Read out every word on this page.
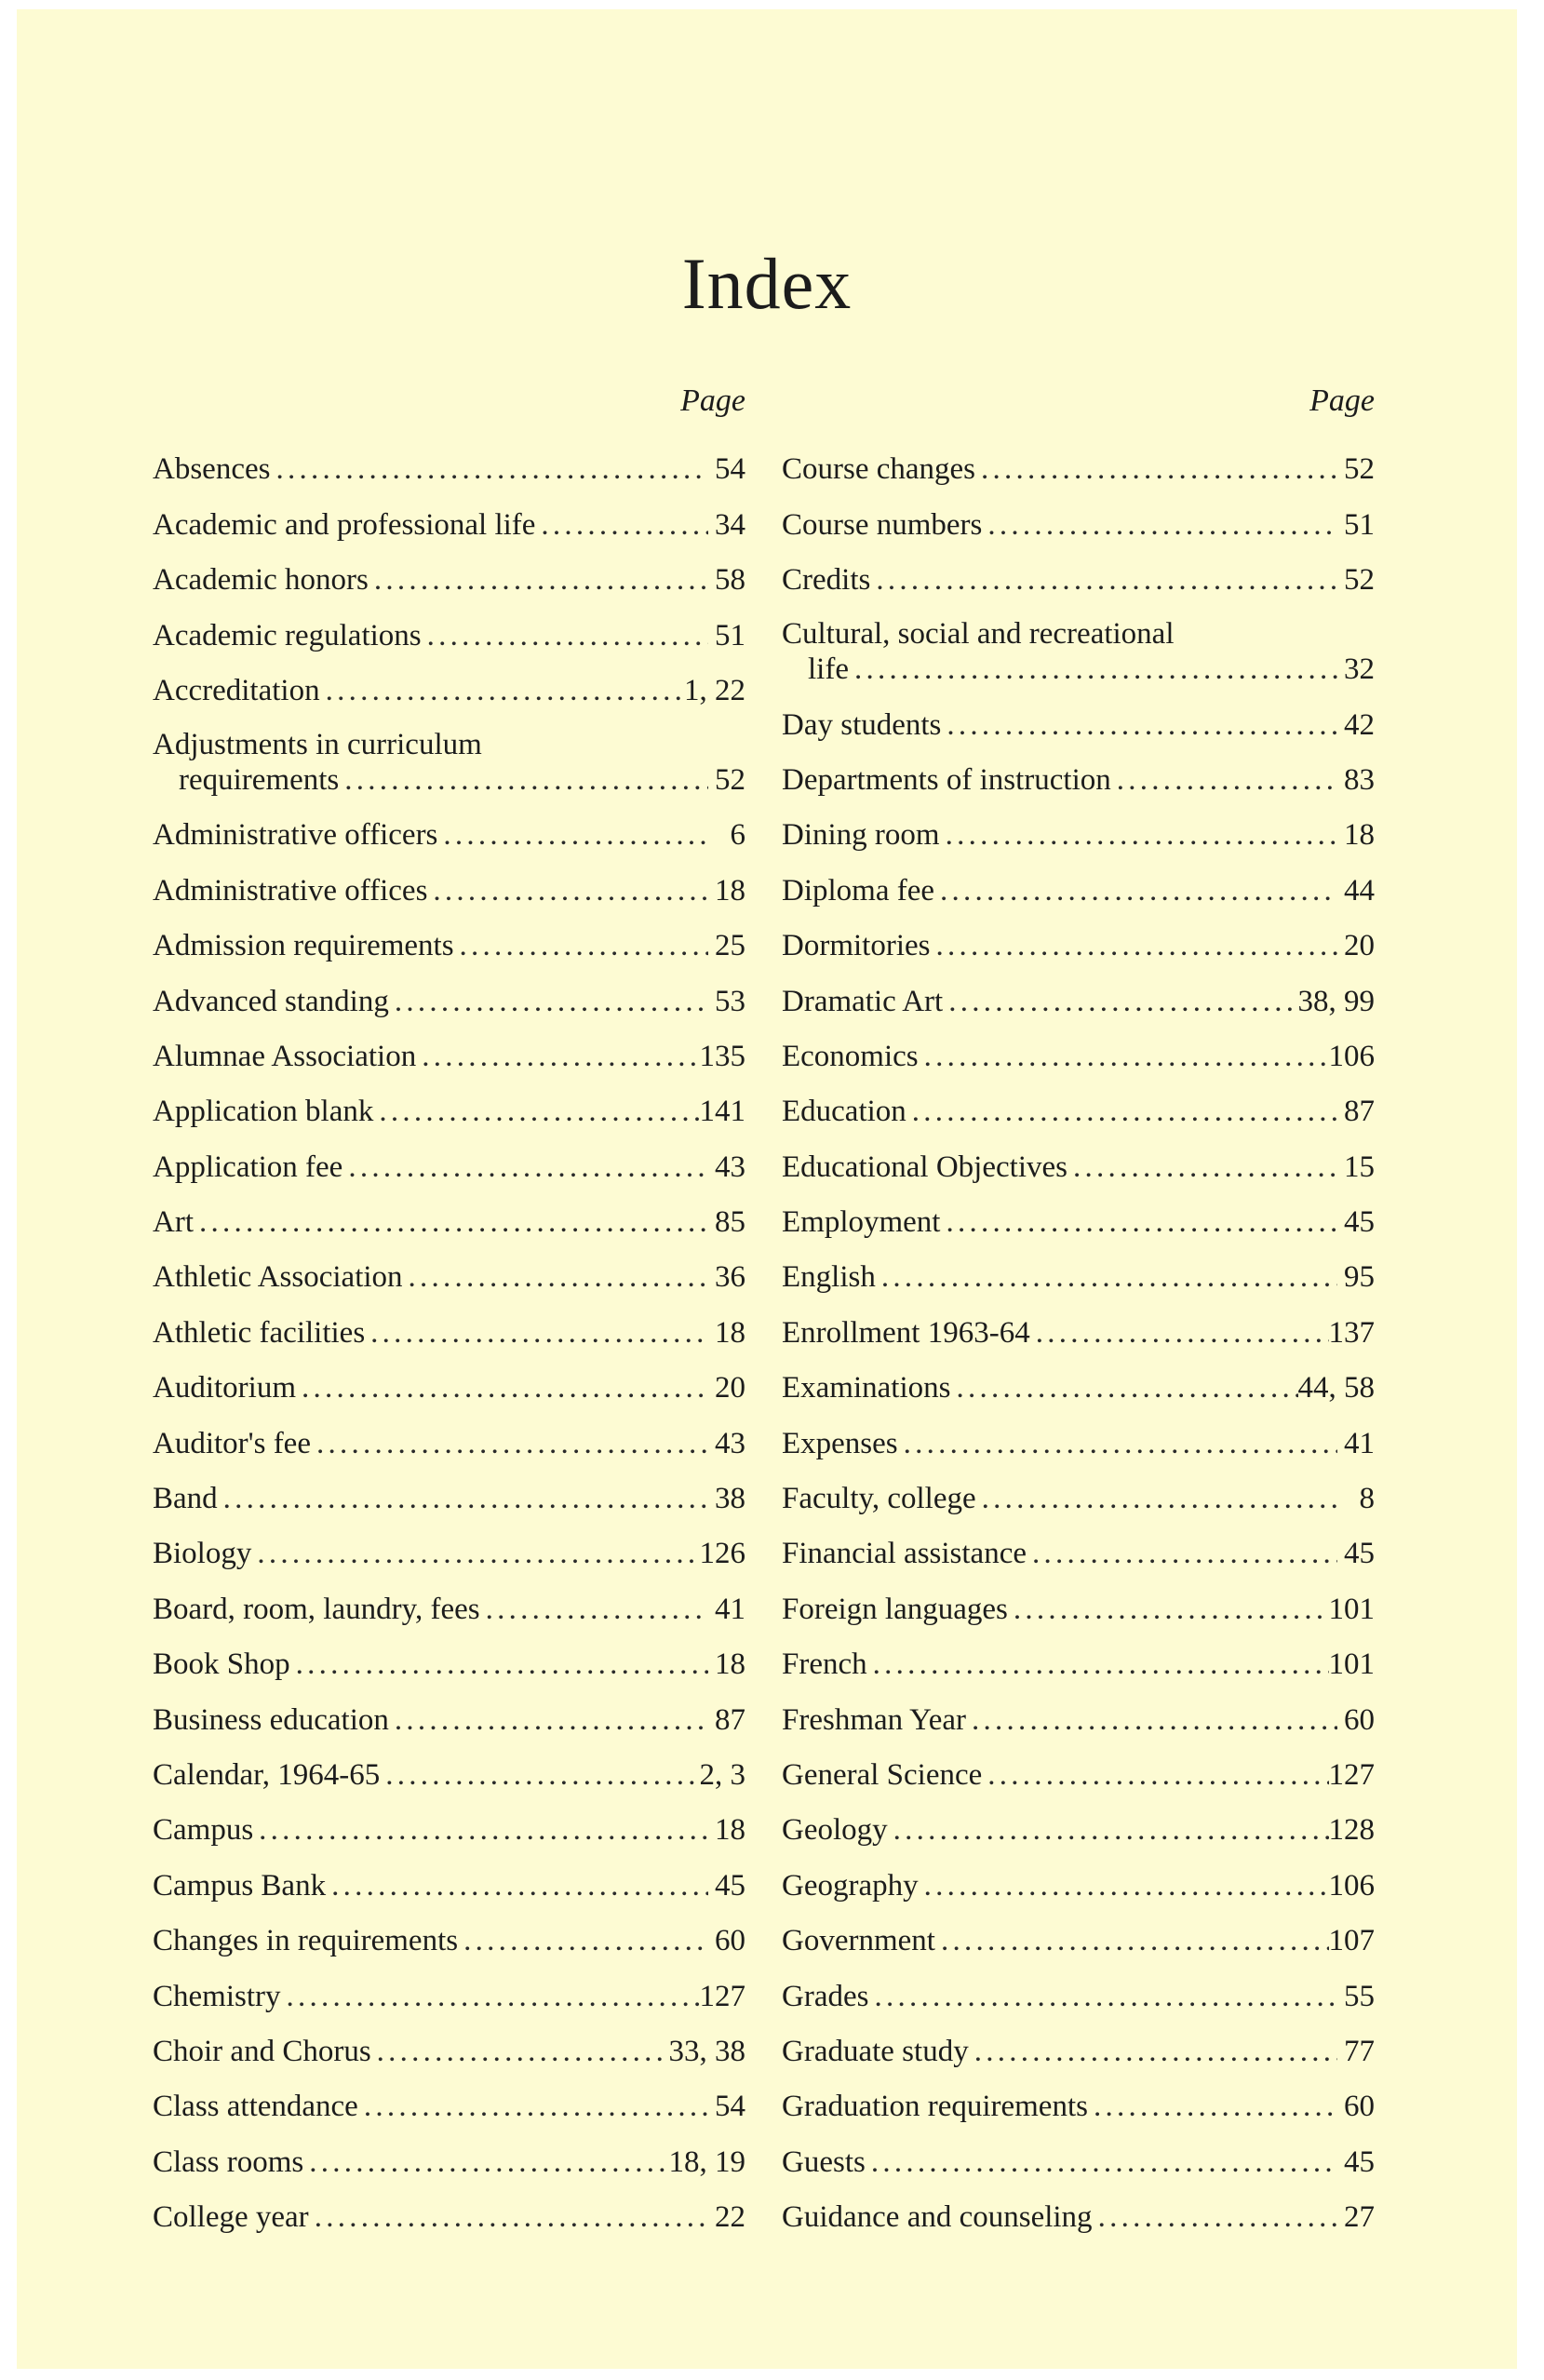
Index
Page
Absences . . .	54
Academic and professional life . . .	34
Academic honors . . .	58
Academic regulations . . .	51
Accreditation . . .	1, 22
Adjustments in curriculum
requirements . . .	52
Administrative officers . . .	6
Administrative offices . . .	18
Admission requirements . . .	25
Advanced standing . . .	53
Alumnae Association . . .	135
Application blank . . .	141
Application fee . . .	43
Art . . .	85
Athletic Association . . .	36
Athletic facilities . . .	18
Auditorium . . .	20
Auditor's fee . . .	43
Band . . .	38
Biology . . .	126
Board, room, laundry, fees . . .	41
Book Shop . . .	18
Business education . . .	87
Calendar, 1964-65 . . .	2, 3
Campus . . .	18
Campus Bank . . .	45
Changes in requirements . . .	60
Chemistry . . .	127
Choir and Chorus . . .	33, 38
Class attendance . . .	54
Class rooms . . .	18, 19
College year . . .	22
Page
Course changes . . .	52
Course numbers . . .	51
Credits . . .	52
Cultural, social and recreational
life . . .	32
Day students . . .	42
Departments of instruction . . .	83
Dining room . . .	18
Diploma fee . . .	44
Dormitories . . .	20
Dramatic Art . . .	38, 99
Economics . . .	106
Education . . .	87
Educational Objectives . . .	15
Employment . . .	45
English . . .	95
Enrollment 1963-64 . . .	137
Examinations . . .	44, 58
Expenses . . .	41
Faculty, college . . .	8
Financial assistance . . .	45
Foreign languages . . .	101
French . . .	101
Freshman Year . . .	60
General Science . . .	127
Geology . . .	128
Geography . . .	106
Government . . .	107
Grades . . .	55
Graduate study . . .	77
Graduation requirements . . .	60
Guests . . .	45
Guidance and counseling . . .	27
